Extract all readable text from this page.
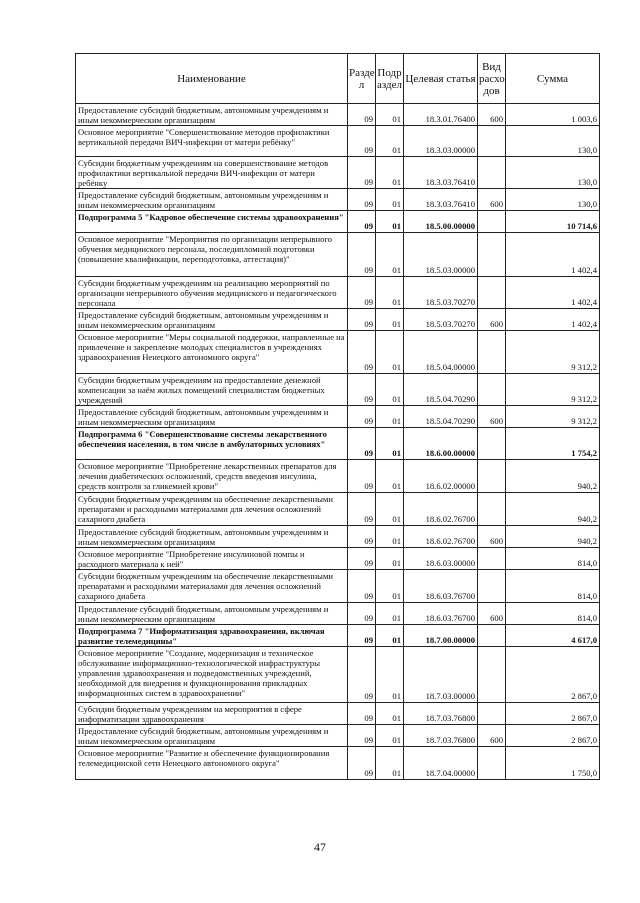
Наименование	Разде л	Подр аздел	Целевая статья	Вид расхо дов	Сумма
Предоставление субсидий бюджетным, автономным учреждениям и иным некоммерческим организациям	09	01	18.3.01.76400	600	1 003,6
Основное мероприятие "Совершенствование методов профилактики вертикальной передачи ВИЧ-инфекции от матери ребёнку"	09	01	18.3.03.00000		130,0
Субсидии бюджетным учреждениям на совершенствование методов профилактики вертикальной передачи ВИЧ-инфекции от матери ребёнку	09	01	18.3.03.76410		130,0
Предоставление субсидий бюджетным, автономным учреждениям и иным некоммерческим организациям	09	01	18.3.03.76410	600	130,0
Подпрограмма 5 "Кадровое обеспечение системы здравоохранения"	09	01	18.5.00.00000		10 714,6
Основное мероприятие "Мероприятия по организации непрерывного обучения медицинского персонала, последипломной подготовки (повышение квалификации, переподготовка, аттестация)"	09	01	18.5.03.00000		1 402,4
Субсидии бюджетным учреждениям на реализацию мероприятий по организации непрерывного обучения медицинского и педагогического персонала	09	01	18.5.03.70270		1 402,4
Предоставление субсидий бюджетным, автономным учреждениям и иным некоммерческим организациям	09	01	18.5.03.70270	600	1 402,4
Основное мероприятие "Меры социальной поддержки, направленные на привлечение и закрепление молодых специалистов в учреждениях здравоохранения Ненецкого автономного округа"	09	01	18.5.04.00000		9 312,2
Субсидии бюджетным учреждениям на предоставление денежной компенсации за наём жилых помещений специалистам бюджетных учреждений	09	01	18.5.04.70290		9 312,2
Предоставление субсидий бюджетным, автономным учреждениям и иным некоммерческим организациям	09	01	18.5.04.70290	600	9 312,2
Подпрограмма 6 "Совершенствование системы лекарственного обеспечения населения, в том числе в амбулаторных условиях"	09	01	18.6.00.00000		1 754,2
Основное мероприятие "Приобретение лекарственных препаратов для лечения диабетических осложнений, средств введения инсулина, средств контроля за гликемией крови"	09	01	18.6.02.00000		940,2
Субсидии бюджетным учреждениям на обеспечение лекарственными препаратами и расходными материалами для лечения осложнений сахарного диабета	09	01	18.6.02.76700		940,2
Предоставление субсидий бюджетным, автономным учреждениям и иным некоммерческим организациям	09	01	18.6.02.76700	600	940,2
Основное мероприятие "Приобретение инсулиновой помпы и расходного материала к ней"	09	01	18.6.03.00000		814,0
Субсидии бюджетным учреждениям на обеспечение лекарственными препаратами и расходными материалами для лечения осложнений сахарного диабета	09	01	18.6.03.76700		814,0
Предоставление субсидий бюджетным, автономным учреждениям и иным некоммерческим организациям	09	01	18.6.03.76700	600	814,0
Подпрограмма 7 "Информатизация здравоохранения, включая развитие телемедицины"	09	01	18.7.00.00000		4 617,0
Основное мероприятие "Создание, модернизация и техническое обслуживание информационно-технологической инфраструктуры управления здравоохранения и подведомственных учреждений, необходимой для внедрения и функционирования прикладных информационных систем в здравоохранении"	09	01	18.7.03.00000		2 867,0
Субсидии бюджетным учреждениям на мероприятия в сфере информатизации здравоохранения	09	01	18.7.03.76800		2 867,0
Предоставление субсидий бюджетным, автономным учреждениям и иным некоммерческим организациям	09	01	18.7.03.76800	600	2 867,0
Основное мероприятие "Развитие и обеспечение функционирования телемедицинской сети Ненецкого автономного округа"	09	01	18.7.04.00000		1 750,0
47
